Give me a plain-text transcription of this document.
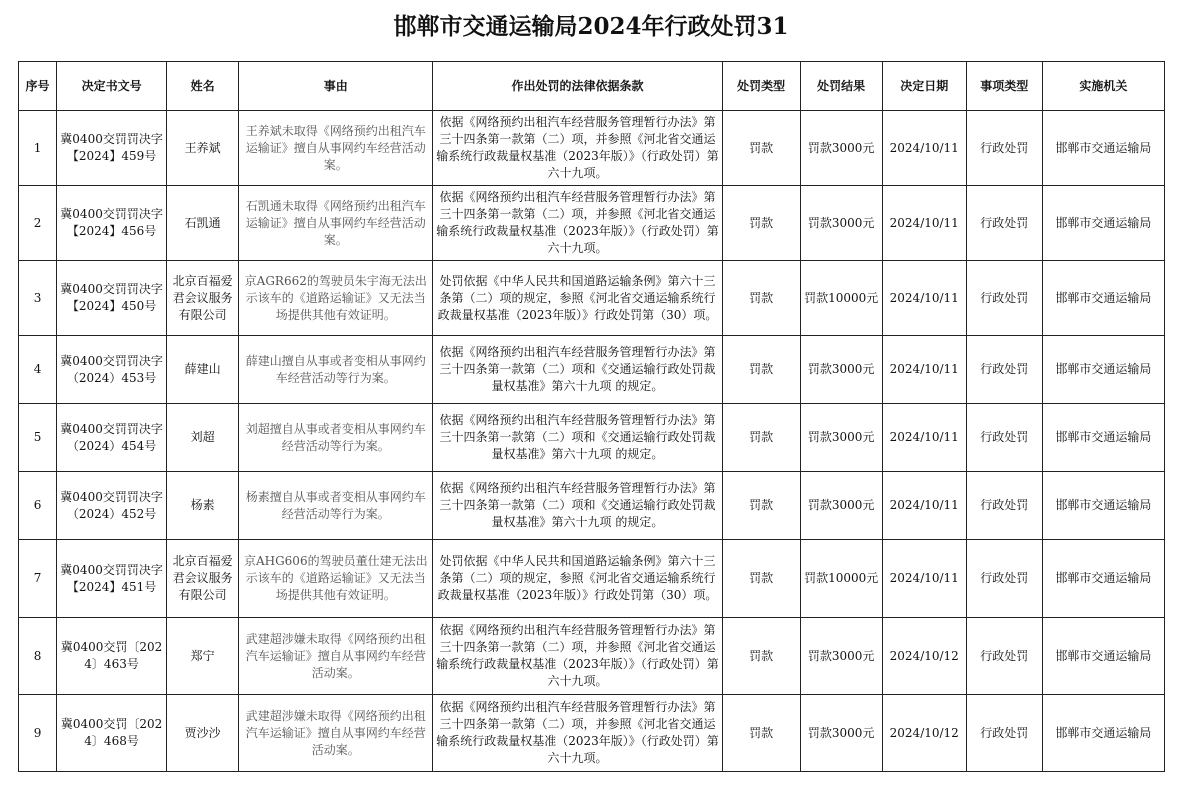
邯郸市交通运输局2024年行政处罚31
序号	决定书文号	姓名	事由	作出处罚的法律依据条款	处罚类型	处罚结果	决定日期	事项类型	实施机关
1	冀0400交罚罚决字【2024】459号	王养斌	王养斌未取得《网络预约出租汽车运输证》擅自从事网约车经营活动案。	依据《网络预约出租汽车经营服务管理暂行办法》第三十四条第一款第（二）项，并参照《河北省交通运输系统行政裁量权基准（2023年版）》（行政处罚）第六十九项。	罚款	罚款3000元	2024/10/11	行政处罚	邯郸市交通运输局
2	冀0400交罚罚决字【2024】456号	石凯通	石凯通未取得《网络预约出租汽车运输证》擅自从事网约车经营活动案。	依据《网络预约出租汽车经营服务管理暂行办法》第三十四条第一款第（二）项，并参照《河北省交通运输系统行政裁量权基准（2023年版）》（行政处罚）第六十九项。	罚款	罚款3000元	2024/10/11	行政处罚	邯郸市交通运输局
3	冀0400交罚罚决字【2024】450号	北京百福爱君会议服务有限公司	京AGR662的驾驶员朱宇海无法出示该车的《道路运输证》又无法当场提供其他有效证明。	处罚依据《中华人民共和国道路运输条例》第六十三条第（二）项的规定，参照《河北省交通运输系统行政裁量权基准（2023年版）》行政处罚第（30）项。	罚款	罚款10000元	2024/10/11	行政处罚	邯郸市交通运输局
4	冀0400交罚罚决字（2024）453号	薛建山	薛建山擅自从事或者变相从事网约车经营活动等行为案。	依据《网络预约出租汽车经营服务管理暂行办法》第三十四条第一款第（二）项和《交通运输行政处罚裁量权基准》第六十九项 的规定。	罚款	罚款3000元	2024/10/11	行政处罚	邯郸市交通运输局
5	冀0400交罚罚决字（2024）454号	刘超	刘超擅自从事或者变相从事网约车经营活动等行为案。	依据《网络预约出租汽车经营服务管理暂行办法》第三十四条第一款第（二）项和《交通运输行政处罚裁量权基准》第六十九项 的规定。	罚款	罚款3000元	2024/10/11	行政处罚	邯郸市交通运输局
6	冀0400交罚罚决字（2024）452号	杨素	杨素擅自从事或者变相从事网约车经营活动等行为案。	依据《网络预约出租汽车经营服务管理暂行办法》第三十四条第一款第（二）项和《交通运输行政处罚裁量权基准》第六十九项 的规定。	罚款	罚款3000元	2024/10/11	行政处罚	邯郸市交通运输局
7	冀0400交罚罚决字【2024】451号	北京百福爱君会议服务有限公司	京AHG606的驾驶员董仕建无法出示该车的《道路运输证》又无法当场提供其他有效证明。	处罚依据《中华人民共和国道路运输条例》第六十三条第（二）项的规定，参照《河北省交通运输系统行政裁量权基准（2023年版）》行政处罚第（30）项。	罚款	罚款10000元	2024/10/11	行政处罚	邯郸市交通运输局
8	冀0400交罚〔2024〕463号	郑宁	武建超涉嫌未取得《网络预约出租汽车运输证》擅自从事网约车经营活动案。	依据《网络预约出租汽车经营服务管理暂行办法》第三十四条第一款第（二）项，并参照《河北省交通运输系统行政裁量权基准（2023年版）》（行政处罚）第六十九项。	罚款	罚款3000元	2024/10/12	行政处罚	邯郸市交通运输局
9	冀0400交罚〔2024〕468号	贾沙沙	武建超涉嫌未取得《网络预约出租汽车运输证》擅自从事网约车经营活动案。	依据《网络预约出租汽车经营服务管理暂行办法》第三十四条第一款第（二）项，并参照《河北省交通运输系统行政裁量权基准（2023年版）》（行政处罚）第六十九项。	罚款	罚款3000元	2024/10/12	行政处罚	邯郸市交通运输局
